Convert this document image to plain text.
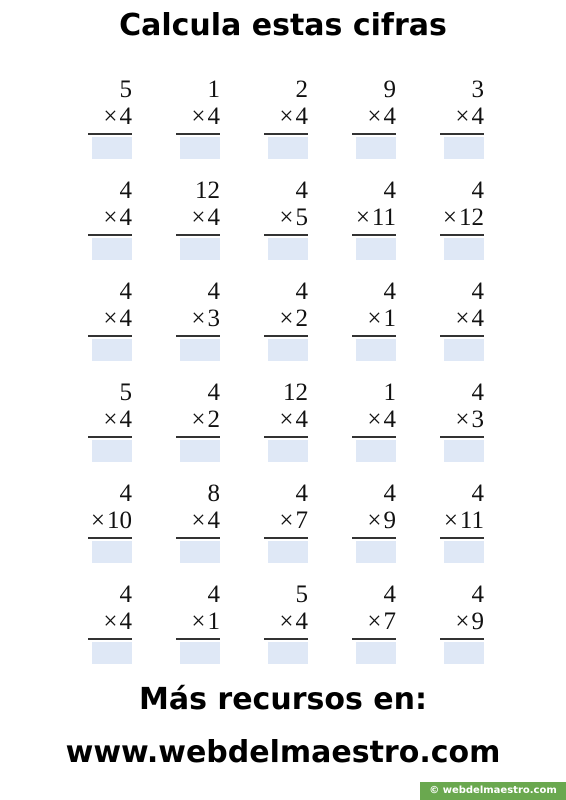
Calcula estas cifras
5
×4
1
×4
2
×4
9
×4
3
×4
4
×4
12
×4
4
×5
4
×11
4
×12
4
×4
4
×3
4
×2
4
×1
4
×4
5
×4
4
×2
12
×4
1
×4
4
×3
4
×10
8
×4
4
×7
4
×9
4
×11
4
×4
4
×1
5
×4
4
×7
4
×9
Más recursos en:
www.webdelmaestro.com
© webdelmaestro.com
